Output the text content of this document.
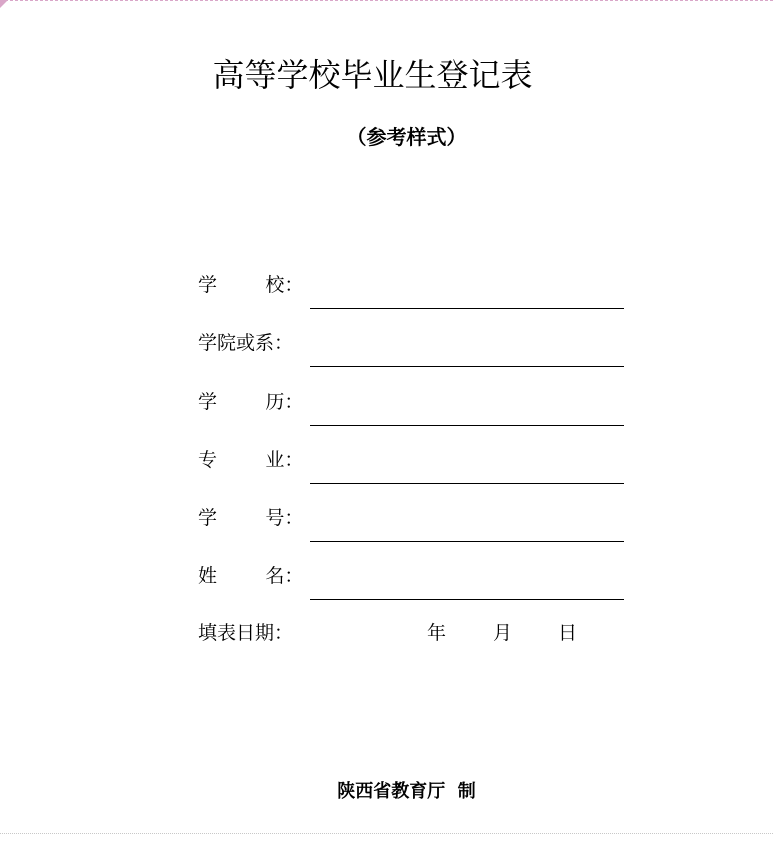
高等学校毕业生登记表
（参考样式）
学        校：
学院或系：
学        历：
专        业：
学        号：
姓        名：
填表日期：	年 月 日
陕西省教育厅  制
